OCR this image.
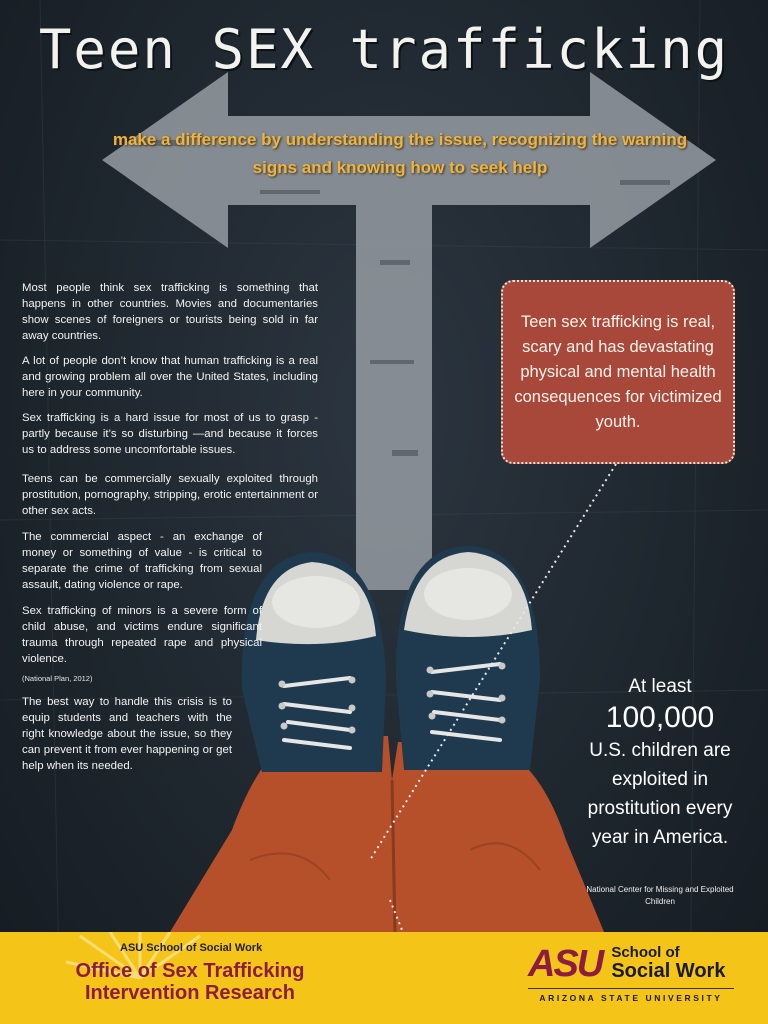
Teen SEX trafficking
make a difference by understanding the issue, recognizing the warning signs and knowing how to seek help

Most people think sex trafficking is something that happens in other countries. Movies and documentaries show scenes of foreigners or tourists being sold in far away countries.

A lot of people don’t know that human trafficking is a real and growing problem all over the United States, including here in your community.

Sex trafficking is a hard issue for most of us to grasp - partly because it’s so disturbing —and because it forces us to address some uncomfortable issues.

Teens can be commercially sexually exploited through prostitution, pornography, stripping, erotic entertainment or other sex acts.

The commercial aspect - an exchange of money or something of value - is critical to separate the crime of trafficking from sexual assault, dating violence or rape.

Sex trafficking of minors is a severe form of child abuse, and victims endure significant trauma through repeated rape and physical violence.

(National Plan, 2012)

The best way to handle this crisis is to equip students and teachers with the right knowledge about the issue, so they can prevent it from ever happening or get help when its needed.

Teen sex trafficking is real, scary and has devastating physical and mental health consequences for victimized youth.
At least
100,000
U.S. children are exploited in prostitution every year in America.
National Center for Missing and Exploited Children
ASU School of Social Work
Office of Sex Trafficking
Intervention Research
ASU School of
Social Work
ARIZONA STATE UNIVERSITY
